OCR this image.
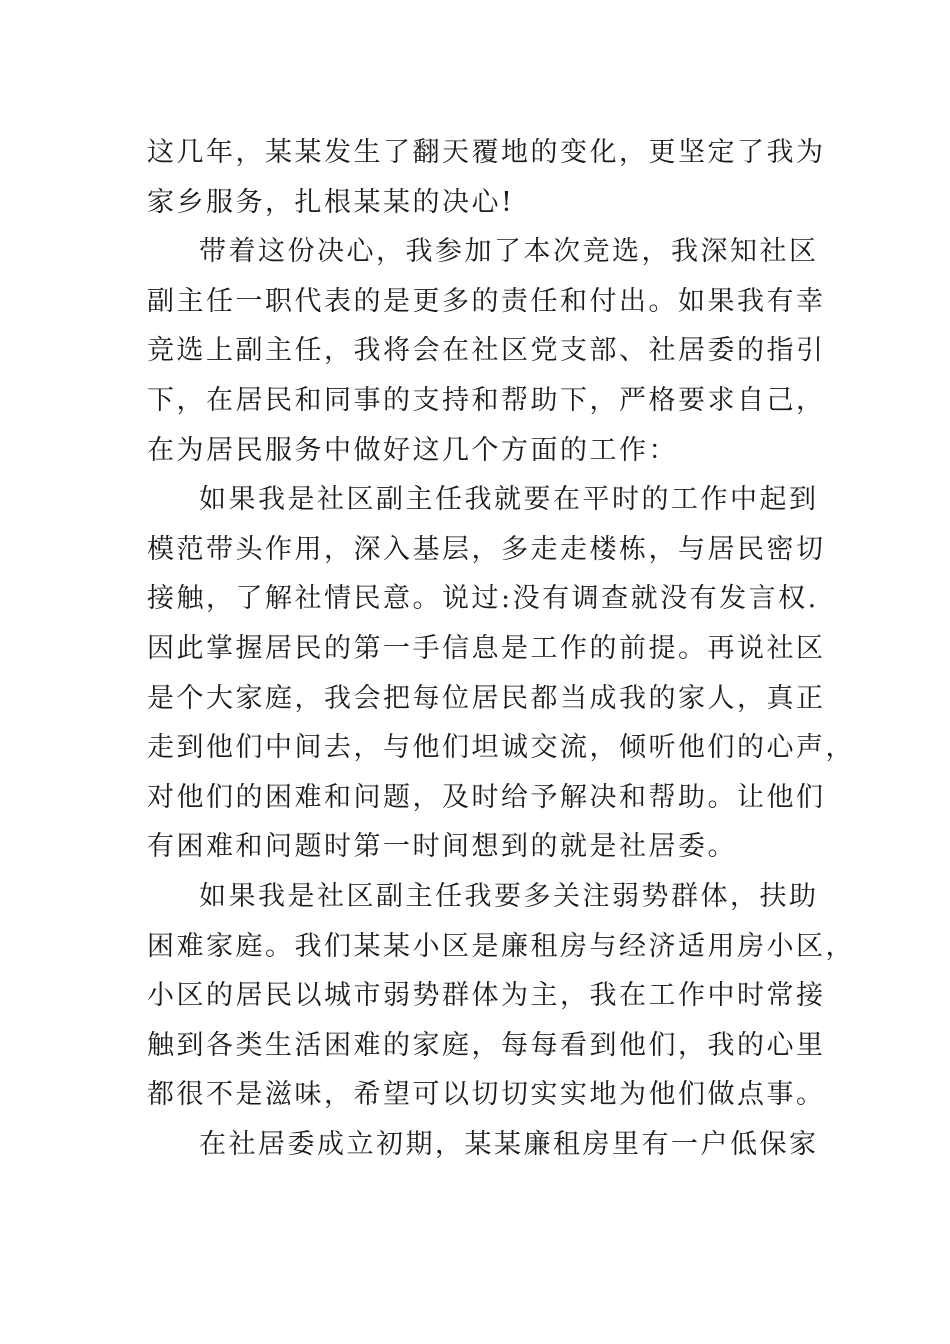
这几年，某某发生了翻天覆地的变化，更坚定了我为
家乡服务，扎根某某的决心!
带着这份决心，我参加了本次竞选，我深知社区
副主任一职代表的是更多的责任和付出。如果我有幸
竞选上副主任，我将会在社区党支部、社居委的指引
下，在居民和同事的支持和帮助下，严格要求自己，
在为居民服务中做好这几个方面的工作：
如果我是社区副主任我就要在平时的工作中起到
模范带头作用，深入基层，多走走楼栋，与居民密切
接触，了解社情民意。说过:没有调查就没有发言权.
因此掌握居民的第一手信息是工作的前提。再说社区
是个大家庭，我会把每位居民都当成我的家人，真正
走到他们中间去，与他们坦诚交流，倾听他们的心声，
对他们的困难和问题，及时给予解决和帮助。让他们
有困难和问题时第一时间想到的就是社居委。
如果我是社区副主任我要多关注弱势群体，扶助
困难家庭。我们某某小区是廉租房与经济适用房小区，
小区的居民以城市弱势群体为主，我在工作中时常接
触到各类生活困难的家庭，每每看到他们，我的心里
都很不是滋味，希望可以切切实实地为他们做点事。
在社居委成立初期，某某廉租房里有一户低保家
